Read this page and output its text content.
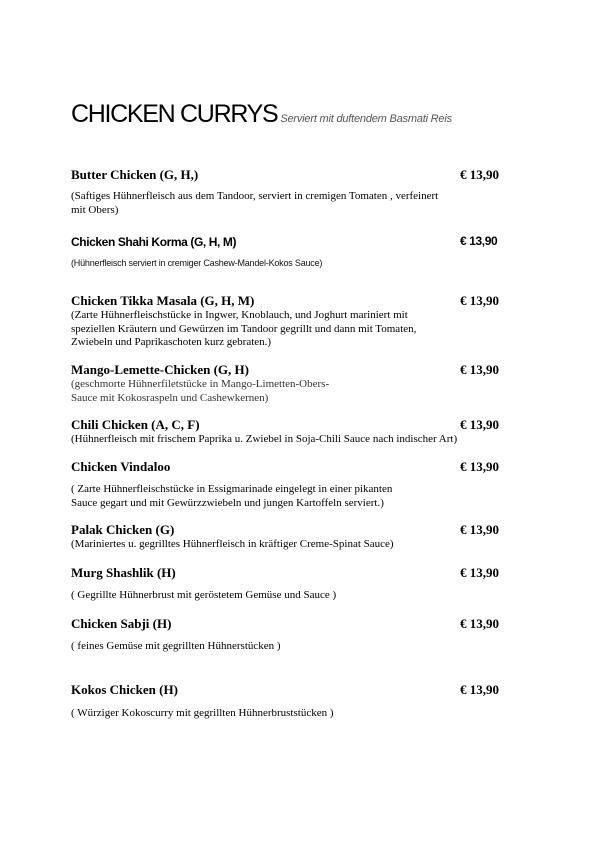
CHICKEN CURRYS Serviert mit duftendem Basmati Reis
Butter Chicken (G, H,)	€ 13,90
(Saftiges Hühnerfleisch aus dem Tandoor, serviert in cremigen Tomaten , verfeinert
mit Obers)
Chicken Shahi Korma (G, H, M)	€ 13,90
(Hühnerfleisch serviert in cremiger Cashew-Mandel-Kokos Sauce)
Chicken Tikka Masala (G, H, M)	€ 13,90
(Zarte Hühnerfleischstücke in Ingwer, Knoblauch, und Joghurt mariniert mit
speziellen Kräutern und Gewürzen im Tandoor gegrillt und dann mit Tomaten,
Zwiebeln und Paprikaschoten kurz gebraten.)
Mango-Lemette-Chicken (G, H)	€ 13,90
(geschmorte Hühnerfiletstücke in Mango-Limetten-Obers-
Sauce mit Kokosraspeln und Cashewkernen)
Chili Chicken (A, C, F)	€ 13,90
(Hühnerfleisch mit frischem Paprika u. Zwiebel in Soja-Chili Sauce nach indischer Art)
Chicken Vindaloo	€ 13,90
( Zarte Hühnerfleischstücke in Essigmarinade eingelegt in einer pikanten
Sauce gegart und mit Gewürzzwiebeln und jungen Kartoffeln serviert.)
Palak Chicken (G)	€ 13,90
(Mariniertes u. gegrilltes Hühnerfleisch in kräftiger Creme-Spinat Sauce)
Murg Shashlik (H)	€ 13,90
( Gegrillte Hühnerbrust mit geröstetem Gemüse und Sauce )
Chicken Sabji (H)	€ 13,90
( feines Gemüse mit gegrillten Hühnerstücken )
Kokos Chicken (H)	€ 13,90
( Würziger Kokoscurry mit gegrillten Hühnerbruststücken )
